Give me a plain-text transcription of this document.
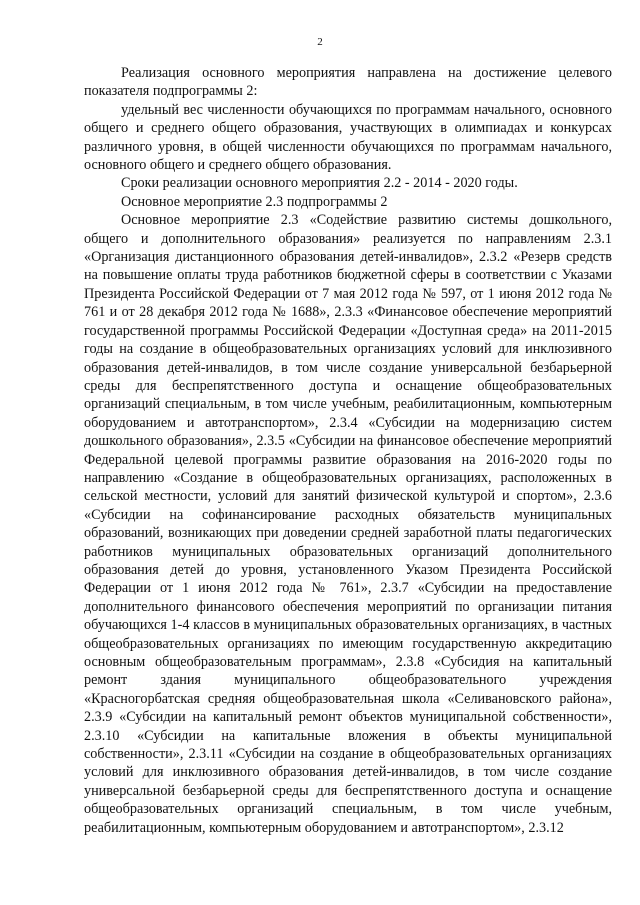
2

Реализация основного мероприятия направлена на достижение целевого показателя подпрограммы 2:

удельный вес численности обучающихся по программам начального, основного общего и среднего общего образования, участвующих в олимпиадах и конкурсах различного уровня, в общей численности обучающихся по программам начального, основного общего и среднего общего образования.

Сроки реализации основного мероприятия 2.2 - 2014 - 2020 годы.

Основное мероприятие 2.3 подпрограммы 2

Основное мероприятие 2.3 «Содействие развитию системы дошкольного, общего и дополнительного образования» реализуется по направлениям 2.3.1 «Организация дистанционного образования детей-инвалидов», 2.3.2 «Резерв средств на повышение оплаты труда работников бюджетной сферы в соответствии с Указами Президента Российской Федерации от 7 мая 2012 года № 597, от 1 июня 2012 года № 761 и от 28 декабря 2012 года № 1688», 2.3.3 «Финансовое обеспечение мероприятий государственной программы Российской Федерации «Доступная среда» на 2011-2015 годы на создание в общеобразовательных организациях условий для инклюзивного образования детей-инвалидов, в том числе создание универсальной безбарьерной среды для беспрепятственного доступа и оснащение общеобразовательных организаций специальным, в том числе учебным, реабилитационным, компьютерным оборудованием и автотранспортом», 2.3.4 «Субсидии на модернизацию систем дошкольного образования», 2.3.5 «Субсидии на финансовое обеспечение мероприятий Федеральной целевой программы развитие образования на 2016-2020 годы по направлению «Создание в общеобразовательных организациях, расположенных в сельской местности, условий для занятий физической культурой и спортом», 2.3.6 «Субсидии на софинансирование расходных обязательств муниципальных образований, возникающих при доведении средней заработной платы педагогических работников муниципальных образовательных организаций дополнительного образования детей до уровня, установленного Указом Президента Российской Федерации от 1 июня 2012 года № 761», 2.3.7 «Субсидии на предоставление дополнительного финансового обеспечения мероприятий по организации питания обучающихся 1-4 классов в муниципальных образовательных организациях, в частных общеобразовательных организациях по имеющим государственную аккредитацию основным общеобразовательным программам», 2.3.8 «Субсидия на капитальный ремонт здания муниципального общеобразовательного учреждения «Красногорбатская средняя общеобразовательная школа «Селивановского района», 2.3.9 «Субсидии на капитальный ремонт объектов муниципальной собственности», 2.3.10 «Субсидии на капитальные вложения в объекты муниципальной собственности», 2.3.11 «Субсидии на создание в общеобразовательных организациях условий для инклюзивного образования детей-инвалидов, в том числе создание универсальной безбарьерной среды для беспрепятственного доступа и оснащение общеобразовательных организаций специальным, в том числе учебным, реабилитационным, компьютерным оборудованием и автотранспортом», 2.3.12
